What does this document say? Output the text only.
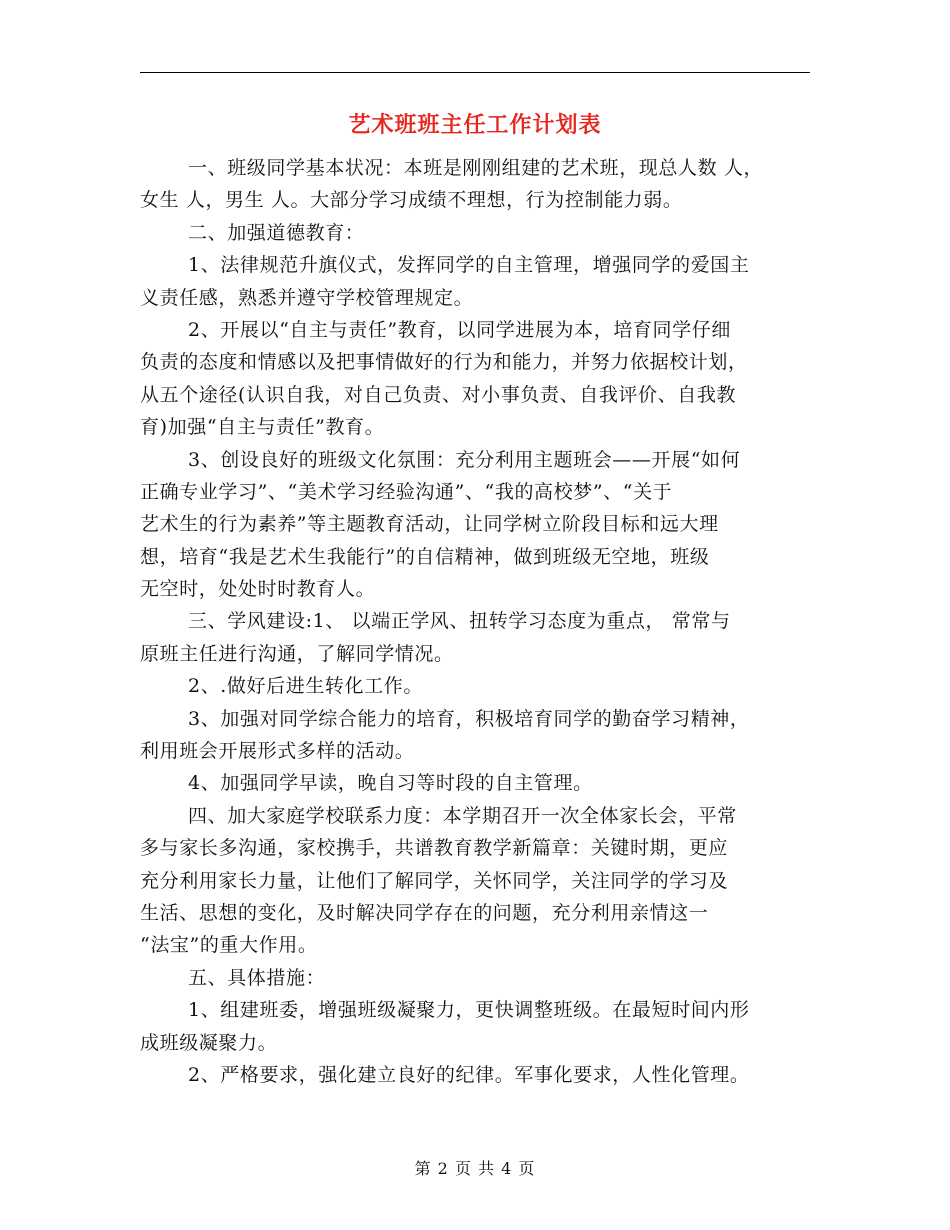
艺术班班主任工作计划表
一、班级同学基本状况：本班是刚刚组建的艺术班，现总人数 人，
女生 人，男生 人。大部分学习成绩不理想，行为控制能力弱。
二、加强道德教育：
1、法律规范升旗仪式，发挥同学的自主管理，增强同学的爱国主
义责任感，熟悉并遵守学校管理规定。
2、开展以“自主与责任”教育，以同学进展为本，培育同学仔细
负责的态度和情感以及把事情做好的行为和能力，并努力依据校计划，
从五个途径(认识自我，对自己负责、对小事负责、自我评价、自我教
育)加强“自主与责任”教育。
3、创设良好的班级文化氛围：充分利用主题班会——开展“如何
正确专业学习”、“美术学习经验沟通”、“我的高校梦”、“关于
艺术生的行为素养”等主题教育活动，让同学树立阶段目标和远大理
想，培育“我是艺术生我能行”的自信精神，做到班级无空地，班级
无空时，处处时时教育人。
三、学风建设:1、 以端正学风、扭转学习态度为重点， 常常与
原班主任进行沟通，了解同学情况。
2、.做好后进生转化工作。
3、加强对同学综合能力的培育，积极培育同学的勤奋学习精神，
利用班会开展形式多样的活动。
4、加强同学早读，晚自习等时段的自主管理。
四、加大家庭学校联系力度：本学期召开一次全体家长会，平常
多与家长多沟通，家校携手，共谱教育教学新篇章：关键时期，更应
充分利用家长力量，让他们了解同学，关怀同学，关注同学的学习及
生活、思想的变化，及时解决同学存在的问题，充分利用亲情这一
“法宝”的重大作用。
五、具体措施：
1、组建班委，增强班级凝聚力，更快调整班级。在最短时间内形
成班级凝聚力。
2、严格要求，强化建立良好的纪律。军事化要求，人性化管理。
第 2 页 共 4 页
